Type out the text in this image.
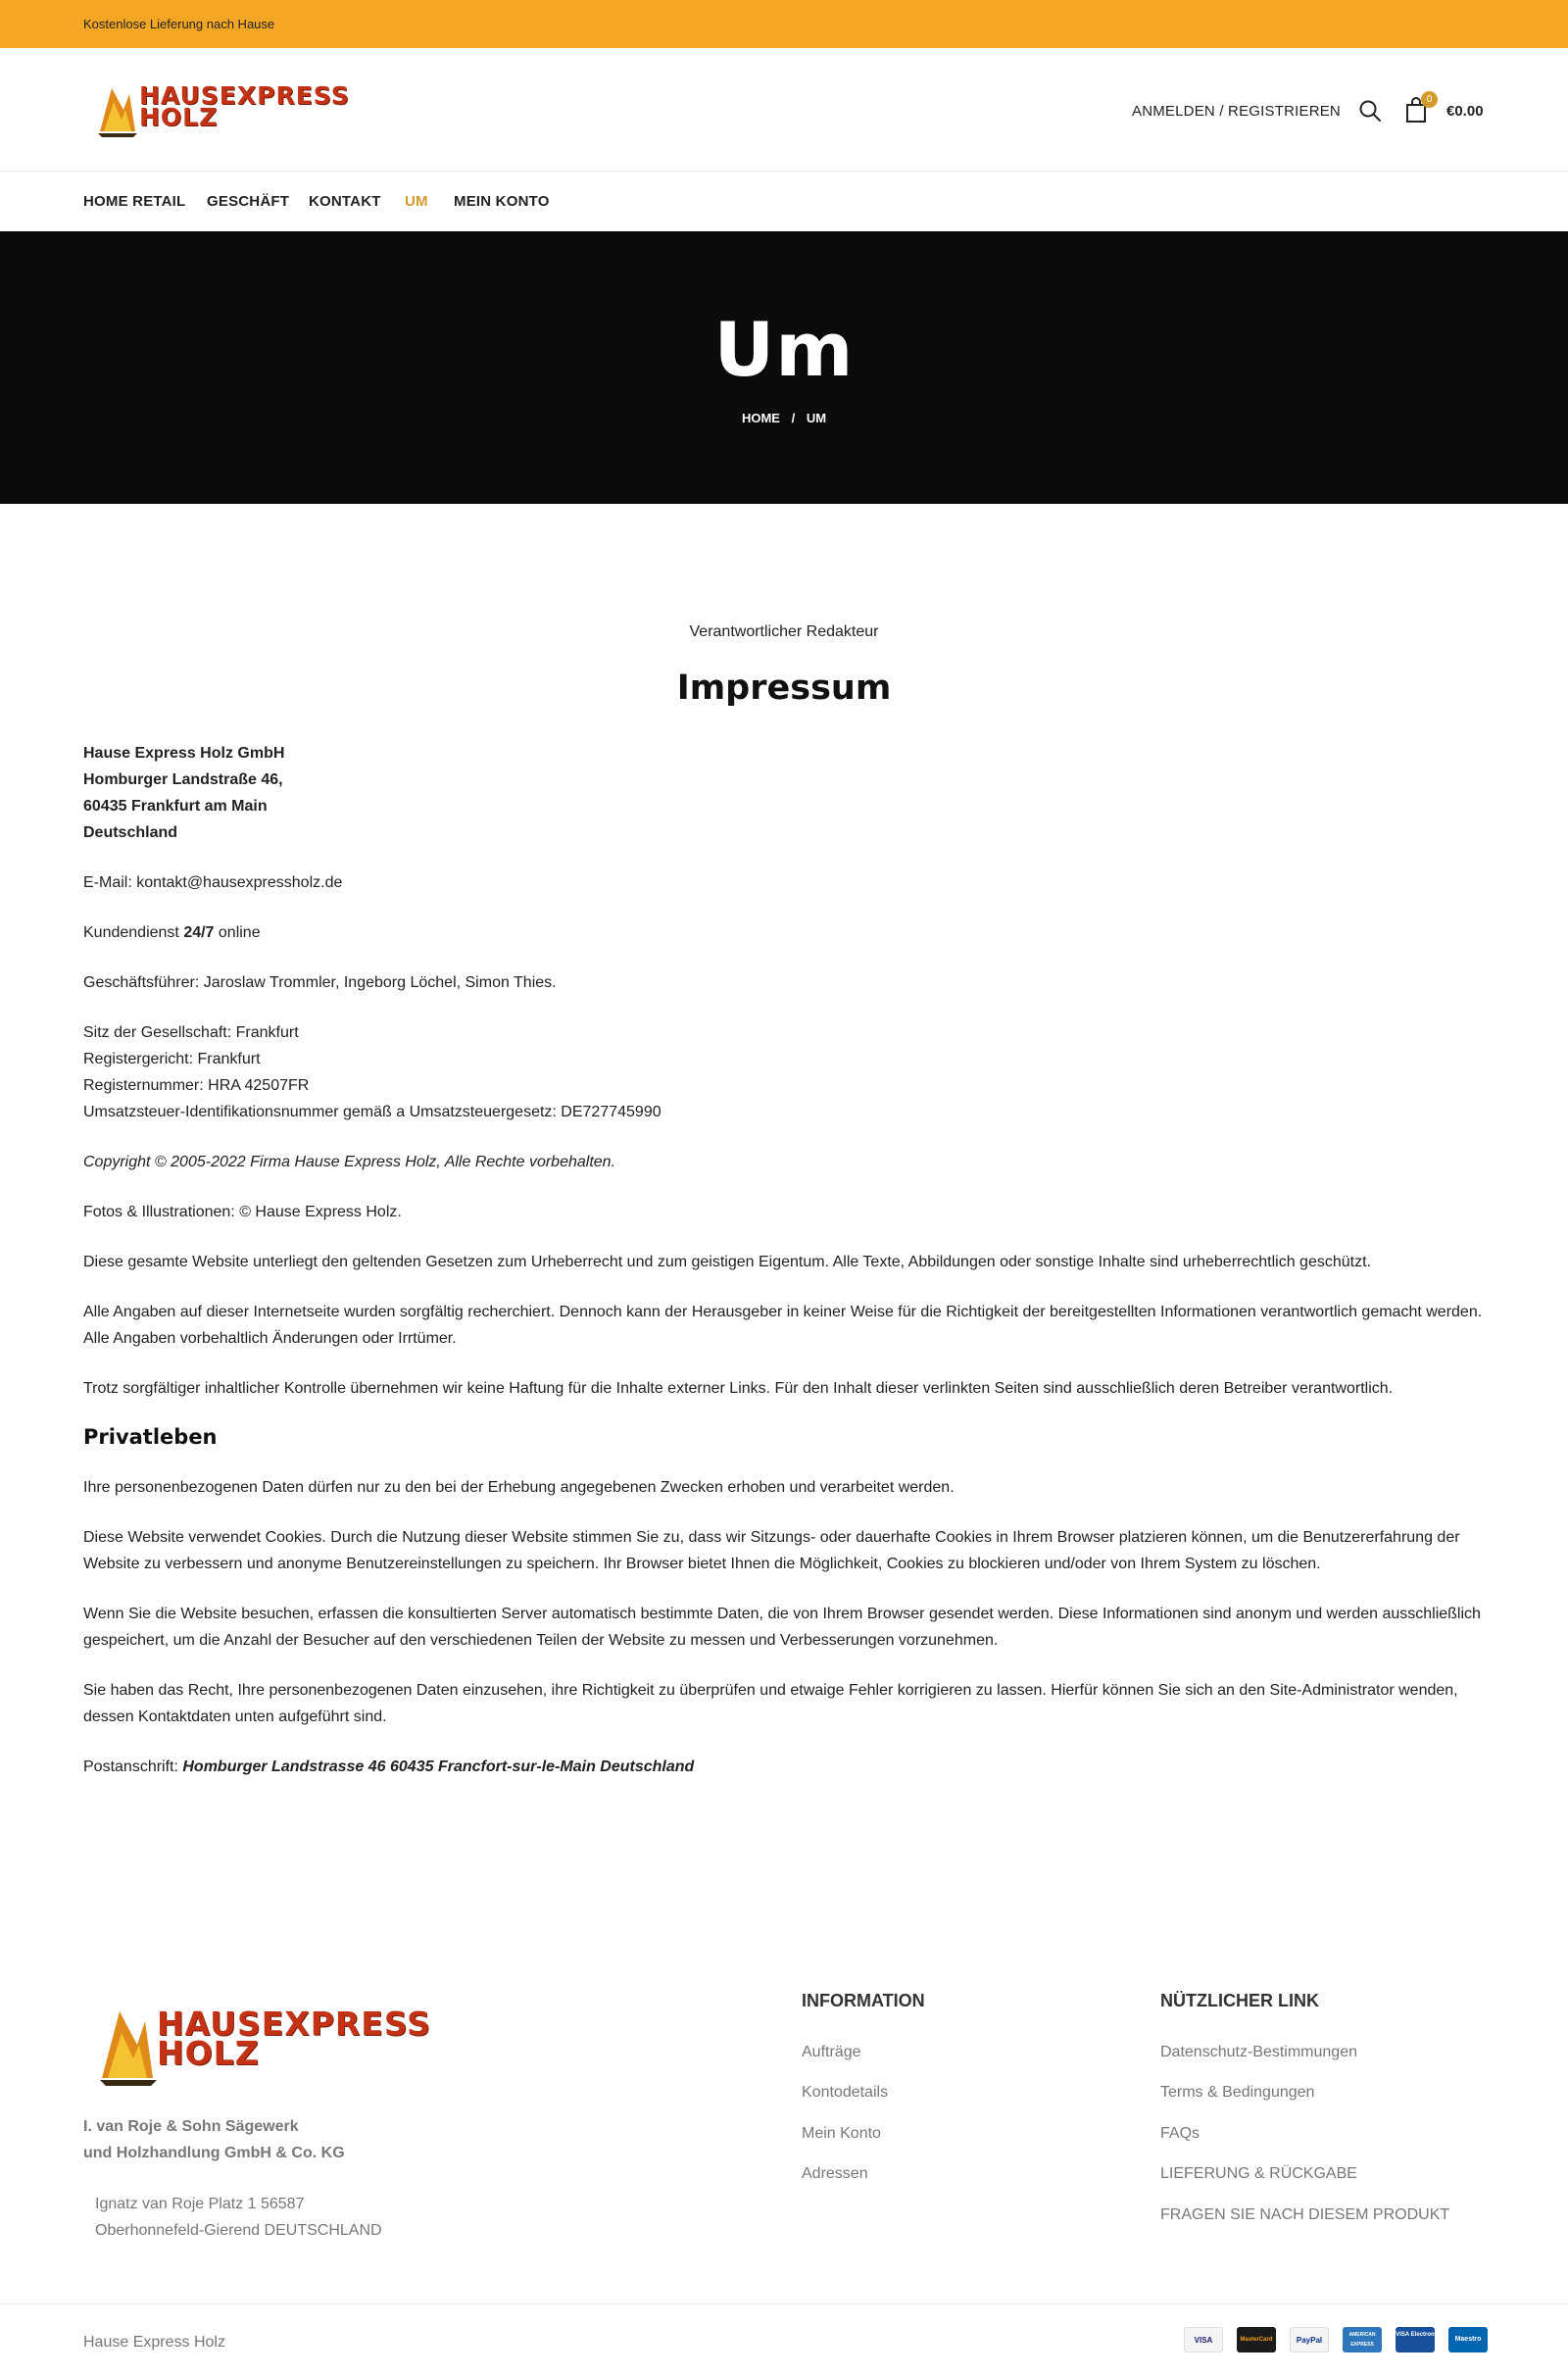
Kostenlose Lieferung nach Hause
HAUSEXPRESS
HOLZ	ANMELDEN / REGISTRIEREN
0
€0.00
HOME RETAIL GESCHÄFT KONTAKT UM MEIN KONTO
Um
HOME / UM
Verantwortlicher Redakteur
Impressum
Hause Express Holz GmbH
Homburger Landstraße 46,
60435 Frankfurt am Main
Deutschland
E-Mail: kontakt@hausexpressholz.de
Kundendienst 24/7 online
Geschäftsführer: Jaroslaw Trommler, Ingeborg Löchel, Simon Thies.
Sitz der Gesellschaft: Frankfurt
Registergericht: Frankfurt
Registernummer: HRA 42507FR
Umsatzsteuer-Identifikationsnummer gemäß a Umsatzsteuergesetz: DE727745990
Copyright © 2005-2022 Firma Hause Express Holz, Alle Rechte vorbehalten.
Fotos & Illustrationen: © Hause Express Holz.
Diese gesamte Website unterliegt den geltenden Gesetzen zum Urheberrecht und zum geistigen Eigentum. Alle Texte, Abbildungen oder sonstige Inhalte sind urheberrechtlich geschützt.
Alle Angaben auf dieser Internetseite wurden sorgfältig recherchiert. Dennoch kann der Herausgeber in keiner Weise für die Richtigkeit der bereitgestellten Informationen verantwortlich gemacht werden. Alle Angaben vorbehaltlich Änderungen oder Irrtümer.
Trotz sorgfältiger inhaltlicher Kontrolle übernehmen wir keine Haftung für die Inhalte externer Links. Für den Inhalt dieser verlinkten Seiten sind ausschließlich deren Betreiber verantwortlich.
Privatleben
Ihre personenbezogenen Daten dürfen nur zu den bei der Erhebung angegebenen Zwecken erhoben und verarbeitet werden.
Diese Website verwendet Cookies. Durch die Nutzung dieser Website stimmen Sie zu, dass wir Sitzungs- oder dauerhafte Cookies in Ihrem Browser platzieren können, um die Benutzererfahrung der Website zu verbessern und anonyme Benutzereinstellungen zu speichern. Ihr Browser bietet Ihnen die Möglichkeit, Cookies zu blockieren und/oder von Ihrem System zu löschen.
Wenn Sie die Website besuchen, erfassen die konsultierten Server automatisch bestimmte Daten, die von Ihrem Browser gesendet werden. Diese Informationen sind anonym und werden ausschließlich gespeichert, um die Anzahl der Besucher auf den verschiedenen Teilen der Website zu messen und Verbesserungen vorzunehmen.
Sie haben das Recht, Ihre personenbezogenen Daten einzusehen, ihre Richtigkeit zu überprüfen und etwaige Fehler korrigieren zu lassen. Hierfür können Sie sich an den Site-Administrator wenden, dessen Kontaktdaten unten aufgeführt sind.
Postanschrift: Homburger Landstrasse 46 60435 Francfort-sur-le-Main Deutschland
HAUSEXPRESS
HOLZ
I. van Roje & Sohn Sägewerk
und Holzhandlung GmbH & Co. KG
Ignatz van Roje Platz 1 56587
Oberhonnefeld-Gierend DEUTSCHLAND
INFORMATION
Aufträge
Kontodetails
Mein Konto
Adressen
NÜTZLICHER LINK
Datenschutz-Bestimmungen
Terms & Bedingungen
FAQs
LIEFERUNG & RÜCKGABE
FRAGEN SIE NACH DIESEM PRODUKT
Hause Express Holz	VISA	MasterCard	PayPal
AMERICAN EXPRESS
VISA Electron
Maestro
